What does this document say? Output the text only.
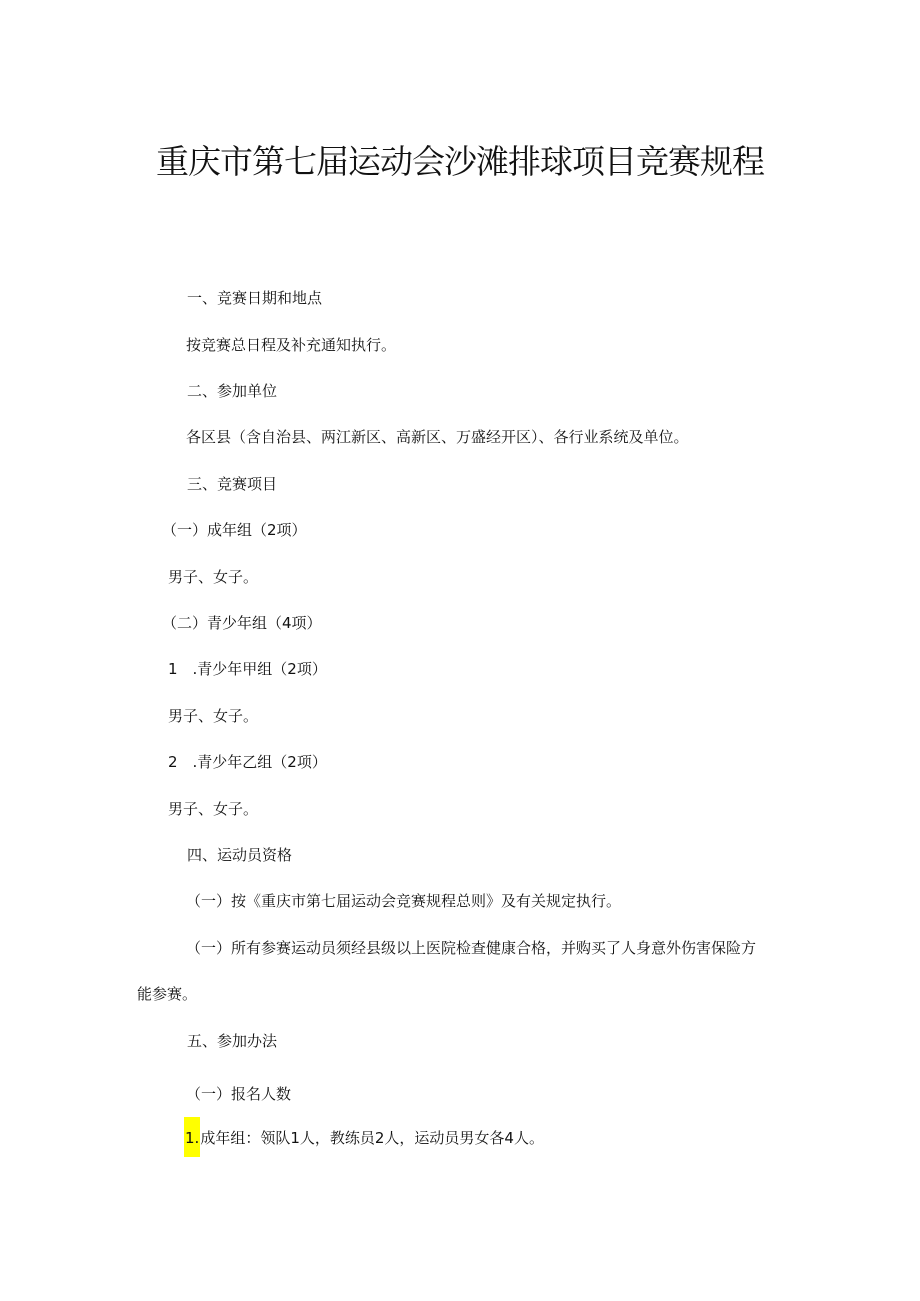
重庆市第七届运动会沙滩排球项目竞赛规程
一、竞赛日期和地点
按竞赛总日程及补充通知执行。
二、参加单位
各区县（含自治县、两江新区、高新区、万盛经开区）、各行业系统及单位。
三、竞赛项目
（一）成年组（2项）
男子、女子。
（二）青少年组（4项）
1　.青少年甲组（2项）
男子、女子。
2　.青少年乙组（2项）
男子、女子。
四、运动员资格
（一）按《重庆市第七届运动会竞赛规程总则》及有关规定执行。
（一）所有参赛运动员须经县级以上医院检查健康合格，并购买了人身意外伤害保险方
能参赛。
五、参加办法
（一）报名人数
1.成年组：领队1人，教练员2人，运动员男女各4人。
